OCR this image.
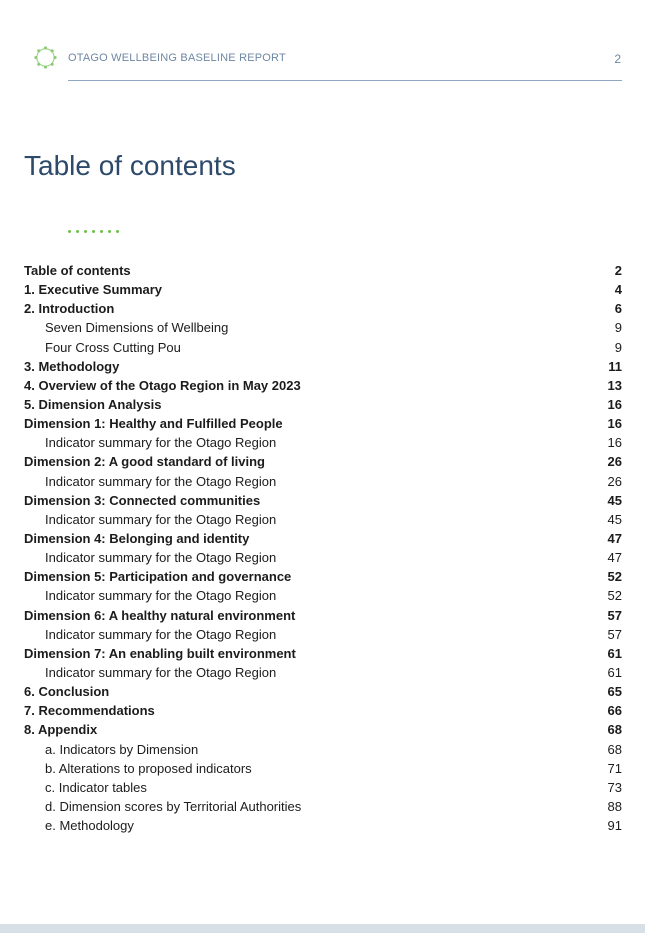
OTAGO WELLBEING BASELINE REPORT	2
Table of contents
Table of contents	2
1. Executive Summary	4
2. Introduction	6
Seven Dimensions of Wellbeing	9
Four Cross Cutting Pou	9
3. Methodology	11
4. Overview of the Otago Region in May 2023	13
5. Dimension Analysis	16
Dimension 1: Healthy and Fulfilled People	16
Indicator summary for the Otago Region	16
Dimension 2: A good standard of living	26
Indicator summary for the Otago Region	26
Dimension 3: Connected communities	45
Indicator summary for the Otago Region	45
Dimension 4: Belonging and identity	47
Indicator summary for the Otago Region	47
Dimension 5: Participation and governance	52
Indicator summary for the Otago Region	52
Dimension 6: A healthy natural environment	57
Indicator summary for the Otago Region	57
Dimension 7: An enabling built environment	61
Indicator summary for the Otago Region	61
6. Conclusion	65
7. Recommendations	66
8. Appendix	68
a. Indicators by Dimension	68
b. Alterations to proposed indicators	71
c. Indicator tables	73
d. Dimension scores by Territorial Authorities	88
e. Methodology	91
